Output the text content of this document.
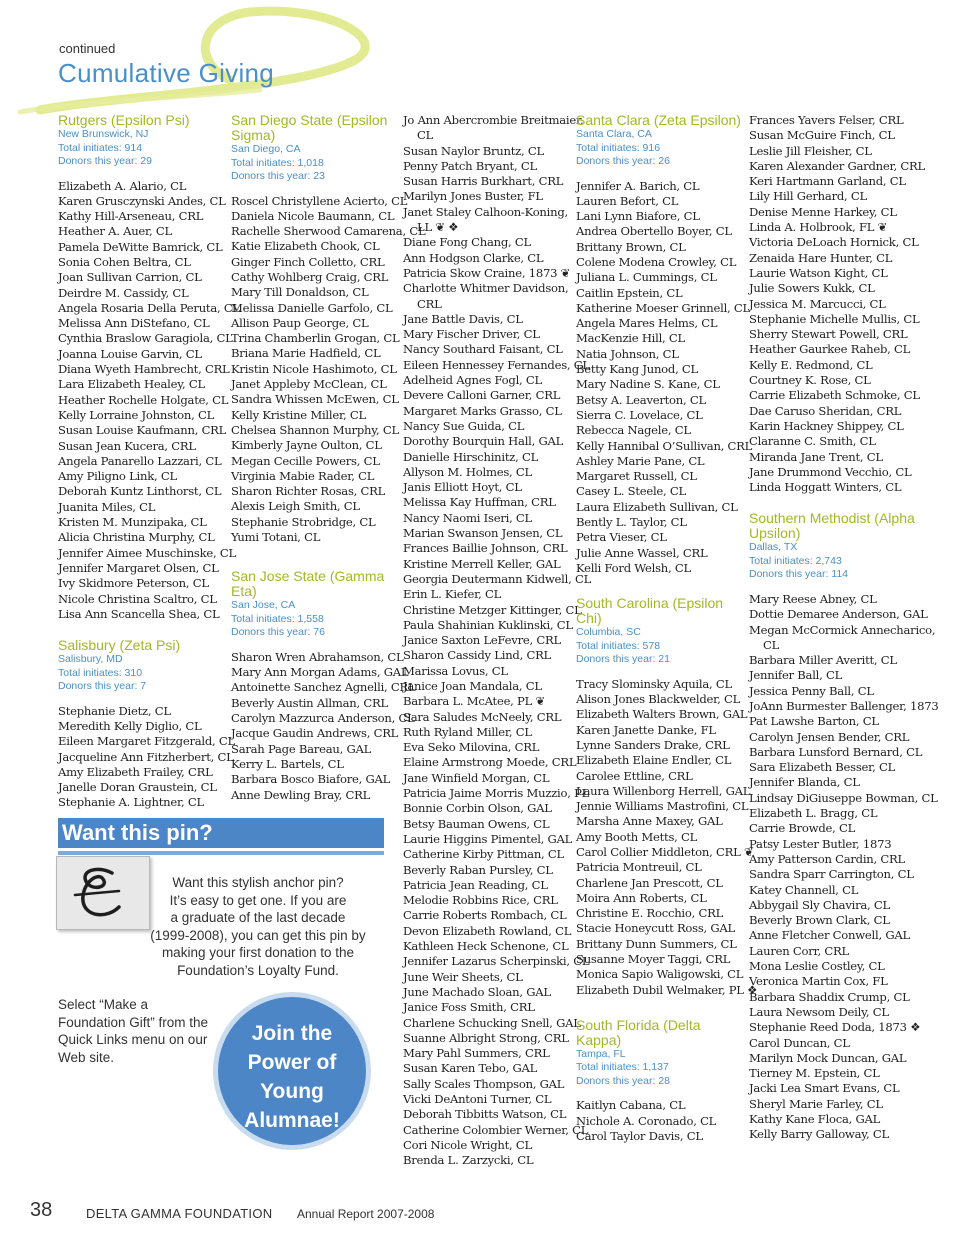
continued
Cumulative Giving
Rutgers (Epsilon Psi)
New Brunswick, NJ
Total initiates: 914
Donors this year: 29
Elizabeth A. Alario, CL
Karen Grusczynski Andes, CL
Kathy Hill-Arseneau, CRL
Heather A. Auer, CL
Pamela DeWitte Bamrick, CL
Sonia Cohen Beltra, CL
Joan Sullivan Carrion, CL
Deirdre M. Cassidy, CL
Angela Rosaria Della Peruta, CL
Melissa Ann DiStefano, CL
Cynthia Braslow Garagiola, CL
Joanna Louise Garvin, CL
Diana Wyeth Hambrecht, CRL
Lara Elizabeth Healey, CL
Heather Rochelle Holgate, CL
Kelly Lorraine Johnston, CL
Susan Louise Kaufmann, CRL
Susan Jean Kucera, CRL
Angela Panarello Lazzari, CL
Amy Piligno Link, CL
Deborah Kuntz Linthorst, CL
Juanita Miles, CL
Kristen M. Munzipaka, CL
Alicia Christina Murphy, CL
Jennifer Aimee Muschinske, CL
Jennifer Margaret Olsen, CL
Ivy Skidmore Peterson, CL
Nicole Christina Scaltro, CL
Lisa Ann Scancella Shea, CL
Salisbury (Zeta Psi)
Salisbury, MD
Total initiates: 310
Donors this year: 7
Stephanie Dietz, CL
Meredith Kelly Diglio, CL
Eileen Margaret Fitzgerald, CL
Jacqueline Ann Fitzherbert, CL
Amy Elizabeth Frailey, CRL
Janelle Doran Graustein, CL
Stephanie A. Lightner, CL
San Diego State (Epsilon Sigma)
San Diego, CA
Total initiates: 1,018
Donors this year: 23
Roscel Christyllene Acierto, CL
Daniela Nicole Baumann, CL
Rachelle Sherwood Camarena, CL
Katie Elizabeth Chook, CL
Ginger Finch Colletto, CRL
Cathy Wohlberg Craig, CRL
Mary Till Donaldson, CL
Melissa Danielle Garfolo, CL
Allison Paup George, CL
Trina Chamberlin Grogan, CL
Briana Marie Hadfield, CL
Kristin Nicole Hashimoto, CL
Janet Appleby McClean, CL
Sandra Whissen McEwen, CL
Kelly Kristine Miller, CL
Chelsea Shannon Murphy, CL
Kimberly Jayne Oulton, CL
Megan Cecille Powers, CL
Virginia Mabie Rader, CL
Sharon Richter Rosas, CRL
Alexis Leigh Smith, CL
Stephanie Strobridge, CL
Yumi Totani, CL
San Jose State (Gamma Eta)
San Jose, CA
Total initiates: 1,558
Donors this year: 76
Sharon Wren Abrahamson, CL
Mary Ann Morgan Adams, GAL
Antoinette Sanchez Agnelli, CRL
Beverly Austin Allman, CRL
Carolyn Mazzurca Anderson, CL
Jacque Gaudin Andrews, CRL
Sarah Page Bareau, GAL
Kerry L. Bartels, CL
Barbara Bosco Biafore, GAL
Anne Dewling Bray, CRL
Jo Ann Abercrombie Breitmaier,
CL
Susan Naylor Bruntz, CL
Penny Patch Bryant, CL
Susan Harris Burkhart, CRL
Marilyn Jones Buster, FL
Janet Staley Calhoon-Koning,
LL ❦ ❖
Diane Fong Chang, CL
Ann Hodgson Clarke, CL
Patricia Skow Craine, 1873 ❦
Charlotte Whitmer Davidson,
CRL
Jane Battle Davis, CL
Mary Fischer Driver, CL
Nancy Southard Faisant, CL
Eileen Hennessey Fernandes, CL
Adelheid Agnes Fogl, CL
Devere Calloni Garner, CRL
Margaret Marks Grasso, CL
Nancy Sue Guida, CL
Dorothy Bourquin Hall, GAL
Danielle Hirschinitz, CL
Allyson M. Holmes, CL
Janis Elliott Hoyt, CL
Melissa Kay Huffman, CRL
Nancy Naomi Iseri, CL
Marian Swanson Jensen, CL
Frances Baillie Johnson, CRL
Kristine Merrell Keller, GAL
Georgia Deutermann Kidwell, CL
Erin L. Kiefer, CL
Christine Metzger Kittinger, CL
Paula Shahinian Kuklinski, CL
Janice Saxton LeFevre, CRL
Sharon Cassidy Lind, CRL
Marissa Lovus, CL
Janice Joan Mandala, CL
Barbara L. McAtee, PL ❦
Sara Saludes McNeely, CRL
Ruth Ryland Miller, CL
Eva Seko Milovina, CRL
Elaine Armstrong Moede, CRL
Jane Winfield Morgan, CL
Patricia Jaime Morris Muzzio, PL
Bonnie Corbin Olson, GAL
Betsy Bauman Owens, CL
Laurie Higgins Pimentel, GAL
Catherine Kirby Pittman, CL
Beverly Raban Pursley, CL
Patricia Jean Reading, CL
Melodie Robbins Rice, CRL
Carrie Roberts Rombach, CL
Devon Elizabeth Rowland, CL
Kathleen Heck Schenone, CL
Jennifer Lazarus Scherpinski, CL
June Weir Sheets, CL
June Machado Sloan, GAL
Janice Foss Smith, CRL
Charlene Schucking Snell, GAL
Suanne Albright Strong, CRL
Mary Pahl Summers, CRL
Susan Karen Tebo, GAL
Sally Scales Thompson, GAL
Vicki DeAntoni Turner, CL
Deborah Tibbitts Watson, CL
Catherine Colombier Werner, CL
Cori Nicole Wright, CL
Brenda L. Zarzycki, CL
Santa Clara (Zeta Epsilon)
Santa Clara, CA
Total initiates: 916
Donors this year: 26
Jennifer A. Barich, CL
Lauren Befort, CL
Lani Lynn Biafore, CL
Andrea Obertello Boyer, CL
Brittany Brown, CL
Colene Modena Crowley, CL
Juliana L. Cummings, CL
Caitlin Epstein, CL
Katherine Moeser Grinnell, CL
Angela Mares Helms, CL
MacKenzie Hill, CL
Natia Johnson, CL
Betty Kang Junod, CL
Mary Nadine S. Kane, CL
Betsy A. Leaverton, CL
Sierra C. Lovelace, CL
Rebecca Nagele, CL
Kelly Hannibal O’Sullivan, CRL
Ashley Marie Pane, CL
Margaret Russell, CL
Casey L. Steele, CL
Laura Elizabeth Sullivan, CL
Bently L. Taylor, CL
Petra Vieser, CL
Julie Anne Wassel, CRL
Kelli Ford Welsh, CL
South Carolina (Epsilon Chi)
Columbia, SC
Total initiates: 578
Donors this year: 21
Tracy Slominsky Aquila, CL
Alison Jones Blackwelder, CL
Elizabeth Walters Brown, GAL
Karen Janette Danke, FL
Lynne Sanders Drake, CRL
Elizabeth Elaine Endler, CL
Carolee Ettline, CRL
Laura Willenborg Herrell, GAL
Jennie Williams Mastrofini, CL
Marsha Anne Maxey, GAL
Amy Booth Metts, CL
Carol Collier Middleton, CRL ❦
Patricia Montreuil, CL
Charlene Jan Prescott, CL
Moira Ann Roberts, CL
Christine E. Rocchio, CRL
Stacie Honeycutt Ross, GAL
Brittany Dunn Summers, CL
Susanne Moyer Taggi, CRL
Monica Sapio Waligowski, CL
Elizabeth Dubil Welmaker, PL ❖
South Florida (Delta Kappa)
Tampa, FL
Total initiates: 1,137
Donors this year: 28
Kaitlyn Cabana, CL
Nichole A. Coronado, CL
Carol Taylor Davis, CL
Frances Yavers Felser, CRL
Susan McGuire Finch, CL
Leslie Jill Fleisher, CL
Karen Alexander Gardner, CRL
Keri Hartmann Garland, CL
Lily Hill Gerhard, CL
Denise Menne Harkey, CL
Linda A. Holbrook, FL ❦
Victoria DeLoach Hornick, CL
Zenaida Hare Hunter, CL
Laurie Watson Kight, CL
Julie Sowers Kukk, CL
Jessica M. Marcucci, CL
Stephanie Michelle Mullis, CL
Sherry Stewart Powell, CRL
Heather Gaurkee Raheb, CL
Kelly E. Redmond, CL
Courtney K. Rose, CL
Carrie Elizabeth Schmoke, CL
Dae Caruso Sheridan, CRL
Karin Hackney Shippey, CL
Claranne C. Smith, CL
Miranda Jane Trent, CL
Jane Drummond Vecchio, CL
Linda Hoggatt Winters, CL
Southern Methodist (Alpha Upsilon)
Dallas, TX
Total initiates: 2,743
Donors this year: 114
Mary Reese Abney, CL
Dottie Demaree Anderson, GAL
Megan McCormick Annecharico,
CL
Barbara Miller Averitt, CL
Jennifer Ball, CL
Jessica Penny Ball, CL
JoAnn Burmester Ballenger, 1873
Pat Lawshe Barton, CL
Carolyn Jensen Bender, CRL
Barbara Lunsford Bernard, CL
Sara Elizabeth Besser, CL
Jennifer Blanda, CL
Lindsay DiGiuseppe Bowman, CL
Elizabeth L. Bragg, CL
Carrie Browde, CL
Patsy Lester Butler, 1873
Amy Patterson Cardin, CRL
Sandra Sparr Carrington, CL
Katey Channell, CL
Abbygail Sly Chavira, CL
Beverly Brown Clark, CL
Anne Fletcher Conwell, GAL
Lauren Corr, CRL
Mona Leslie Costley, CL
Veronica Martin Cox, FL
Barbara Shaddix Crump, CL
Laura Newsom Deily, CL
Stephanie Reed Doda, 1873 ❖
Carol Duncan, CL
Marilyn Mock Duncan, GAL
Tierney M. Epstein, CL
Jacki Lea Smart Evans, CL
Sheryl Marie Farley, CL
Kathy Kane Floca, GAL
Kelly Barry Galloway, CL
Want this pin?
Want this stylish anchor pin?
It’s easy to get one. If you are
a graduate of the last decade
(1999-2008), you can get this pin by
making your first donation to the
Foundation’s Loyalty Fund.
Select “Make a Foundation Gift” from the Quick Links menu on our Web site.
Join the
Power of
Young
Alumnae!
38	DELTA GAMMA FOUNDATION Annual Report 2007-2008
